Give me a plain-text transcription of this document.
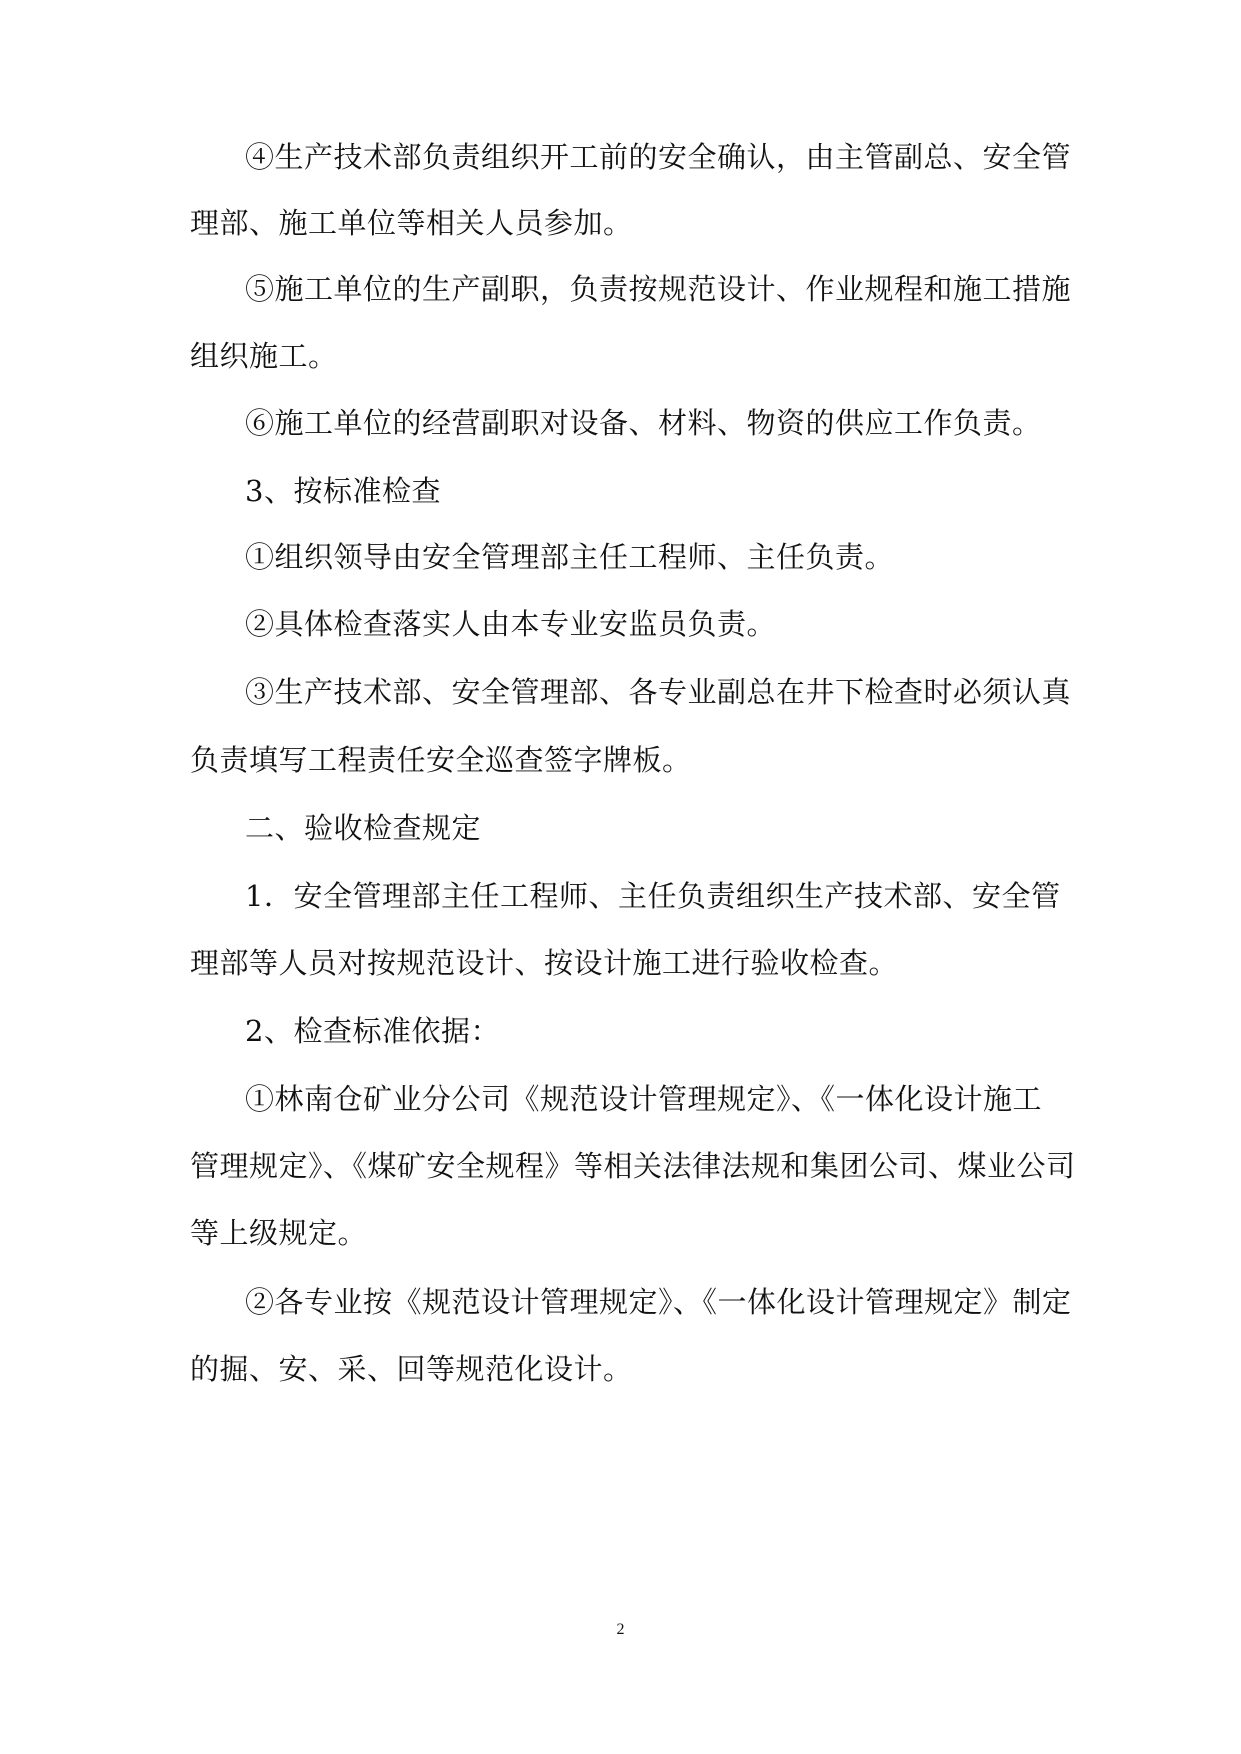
④生产技术部负责组织开工前的安全确认，由主管副总、安全管
理部、施工单位等相关人员参加。
⑤施工单位的生产副职，负责按规范设计、作业规程和施工措施
组织施工。
⑥施工单位的经营副职对设备、材料、物资的供应工作负责。
3、按标准检查
①组织领导由安全管理部主任工程师、主任负责。
②具体检查落实人由本专业安监员负责。
③生产技术部、安全管理部、各专业副总在井下检查时必须认真
负责填写工程责任安全巡查签字牌板。
二、验收检查规定
1．安全管理部主任工程师、主任负责组织生产技术部、安全管
理部等人员对按规范设计、按设计施工进行验收检查。
2、检查标准依据：
①林南仓矿业分公司《规范设计管理规定》、《一体化设计施工
管理规定》、《煤矿安全规程》等相关法律法规和集团公司、煤业公司
等上级规定。
②各专业按《规范设计管理规定》、《一体化设计管理规定》制定
的掘、安、采、回等规范化设计。
2
